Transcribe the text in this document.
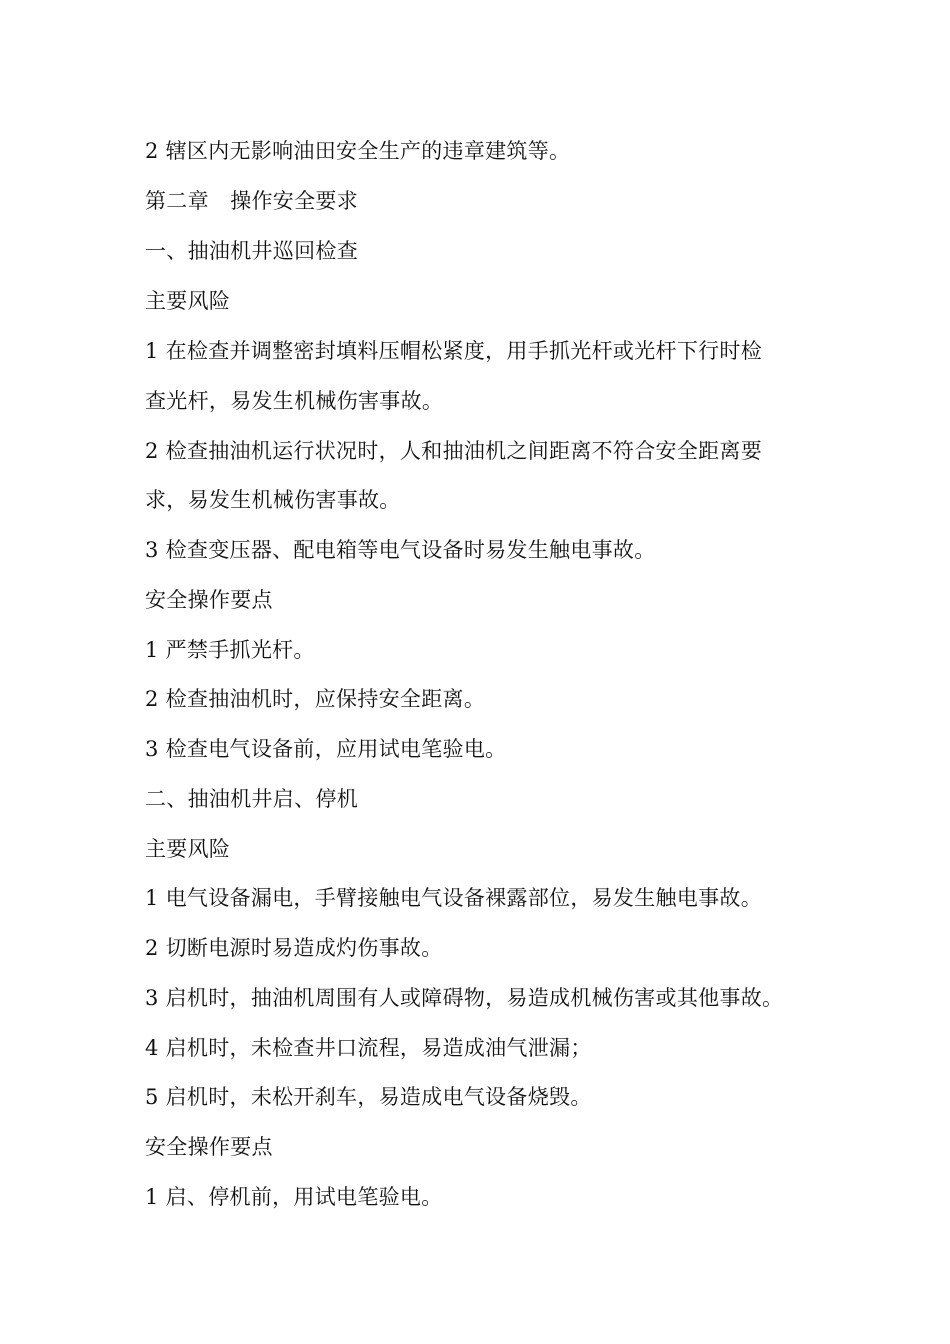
2 辖区内无影响油田安全生产的违章建筑等。
第二章　操作安全要求
一、抽油机井巡回检查
主要风险
1 在检查并调整密封填料压帽松紧度，用手抓光杆或光杆下行时检
查光杆，易发生机械伤害事故。
2 检查抽油机运行状况时，人和抽油机之间距离不符合安全距离要
求，易发生机械伤害事故。
3 检查变压器、配电箱等电气设备时易发生触电事故。
安全操作要点
1 严禁手抓光杆。
2 检查抽油机时，应保持安全距离。
3 检查电气设备前，应用试电笔验电。
二、抽油机井启、停机
主要风险
1 电气设备漏电，手臂接触电气设备裸露部位，易发生触电事故。
2 切断电源时易造成灼伤事故。
3 启机时，抽油机周围有人或障碍物，易造成机械伤害或其他事故。
4 启机时，未检查井口流程，易造成油气泄漏；
5 启机时，未松开刹车，易造成电气设备烧毁。
安全操作要点
1 启、停机前，用试电笔验电。
